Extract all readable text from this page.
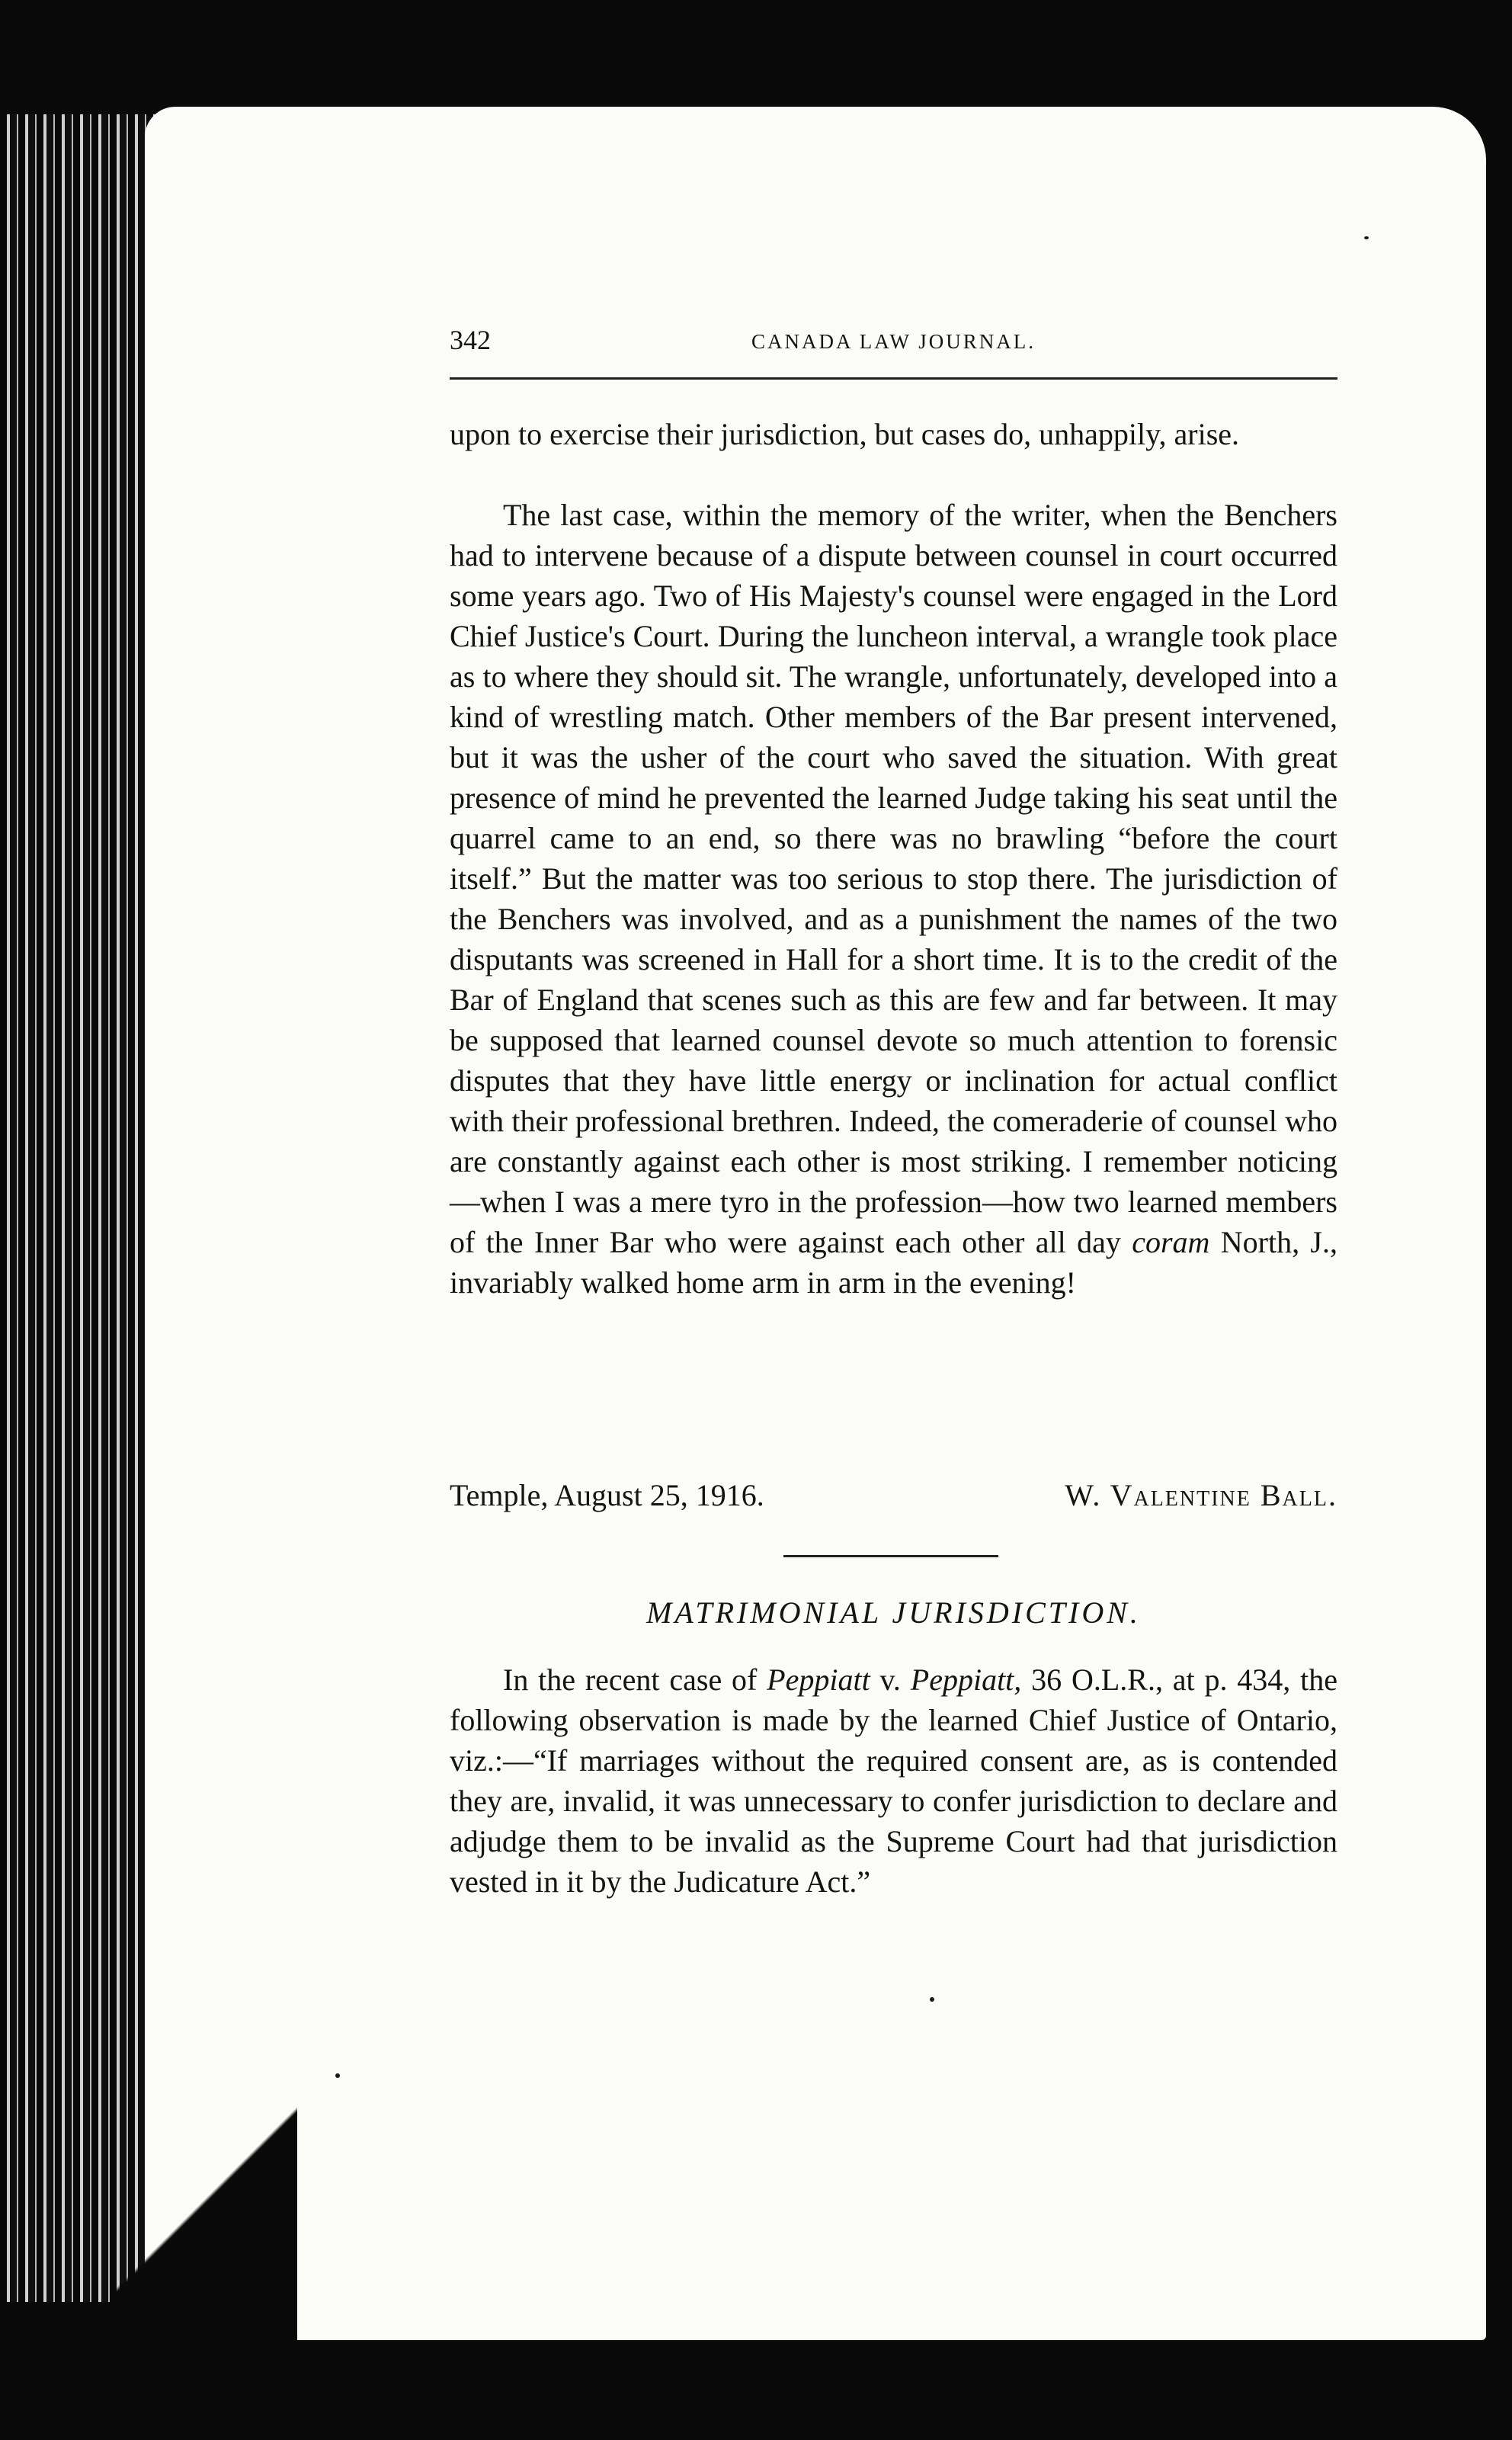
342	CANADA LAW JOURNAL.
upon to exercise their jurisdiction, but cases do, unhappily, arise.
The last case, within the memory of the writer, when the Benchers had to intervene because of a dispute between counsel in court occurred some years ago. Two of His Majesty's counsel were engaged in the Lord Chief Justice's Court. During the luncheon interval, a wrangle took place as to where they should sit. The wrangle, unfortunately, developed into a kind of wrestling match. Other members of the Bar present intervened, but it was the usher of the court who saved the situation. With great presence of mind he prevented the learned Judge taking his seat until the quarrel came to an end, so there was no brawling “before the court itself.” But the matter was too serious to stop there. The jurisdiction of the Benchers was involved, and as a punishment the names of the two disputants was screened in Hall for a short time. It is to the credit of the Bar of England that scenes such as this are few and far between. It may be supposed that learned counsel devote so much attention to forensic disputes that they have little energy or inclination for actual conflict with their professional brethren. Indeed, the comeraderie of counsel who are constantly against each other is most striking. I remember noticing—when I was a mere tyro in the profession—how two learned members of the Inner Bar who were against each other all day coram North, J., invariably walked home arm in arm in the evening!
Temple, August 25, 1916.	W. Valentine Ball.
MATRIMONIAL JURISDICTION.
In the recent case of Peppiatt v. Peppiatt, 36 O.L.R., at p. 434, the following observation is made by the learned Chief Justice of Ontario, viz.:—“If marriages without the required consent are, as is contended they are, invalid, it was unnecessary to confer jurisdiction to declare and adjudge them to be invalid as the Supreme Court had that jurisdiction vested in it by the Judicature Act.”
